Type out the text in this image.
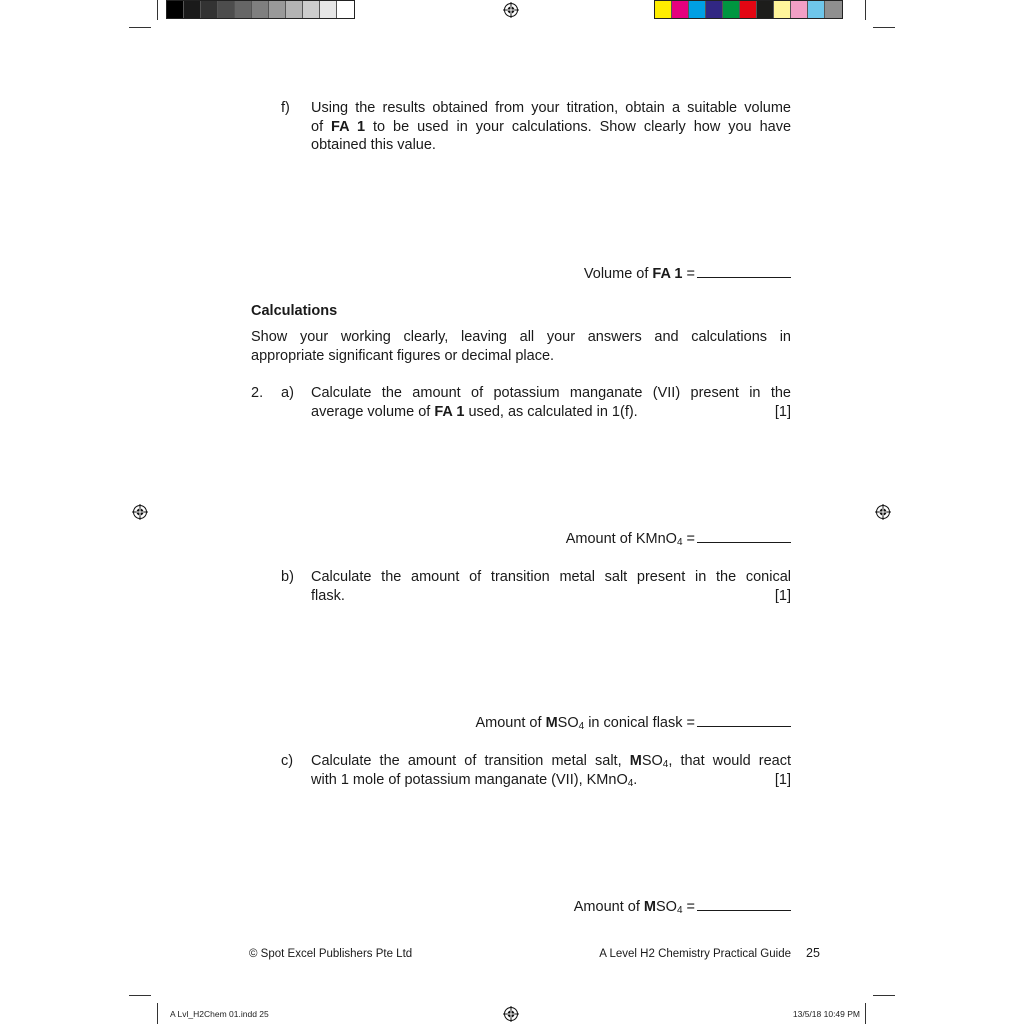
f) Using the results obtained from your titration, obtain a suitable volume
of FA 1 to be used in your calculations. Show clearly how you have
obtained this value.
Volume of FA 1 =
Calculations
Show your working clearly, leaving all your answers and calculations in
appropriate significant figures or decimal place.
2. a) Calculate the amount of potassium manganate (VII) present in the
average volume of FA 1 used, as calculated in 1(f).	[1]
Amount of KMnO$_4$ =
b) Calculate the amount of transition metal salt present in the conical
flask.	[1]
Amount of $MSO_4$ in conical flask =
c) Calculate the amount of transition metal salt, $MSO_4$, that would react
with 1 mole of potassium manganate (VII), KMnO$_4$.	[1]
Amount of $MSO_4$ =
© Spot Excel Publishers Pte Ltd	A Level H2 Chemistry Practical Guide 25
A Lvl_H2Chem 01.indd 25	13/5/18 10:49 PM
